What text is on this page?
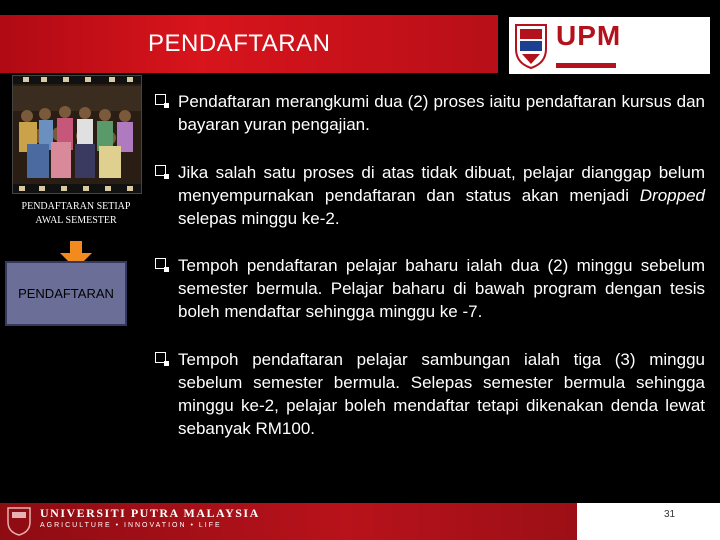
PENDAFTARAN	UPM
PENDAFTARAN SETIAP AWAL SEMESTER
PENDAFTARAN
Pendaftaran merangkumi dua (2) proses iaitu pendaftaran kursus dan bayaran yuran pengajian.
Jika salah satu proses di atas tidak dibuat, pelajar dianggap belum menyempurnakan pendaftaran dan status akan menjadi Dropped selepas minggu ke-2.
Tempoh pendaftaran pelajar baharu ialah dua (2) minggu sebelum semester bermula. Pelajar baharu di bawah program dengan tesis boleh mendaftar sehingga minggu ke -7.
Tempoh pendaftaran pelajar sambungan ialah tiga (3) minggu sebelum semester bermula. Selepas semester bermula sehingga minggu ke-2, pelajar boleh mendaftar tetapi dikenakan denda lewat sebanyak RM100.
UNIVERSITI PUTRA MALAYSIA
AGRICULTURE • INNOVATION • LIFE
31
